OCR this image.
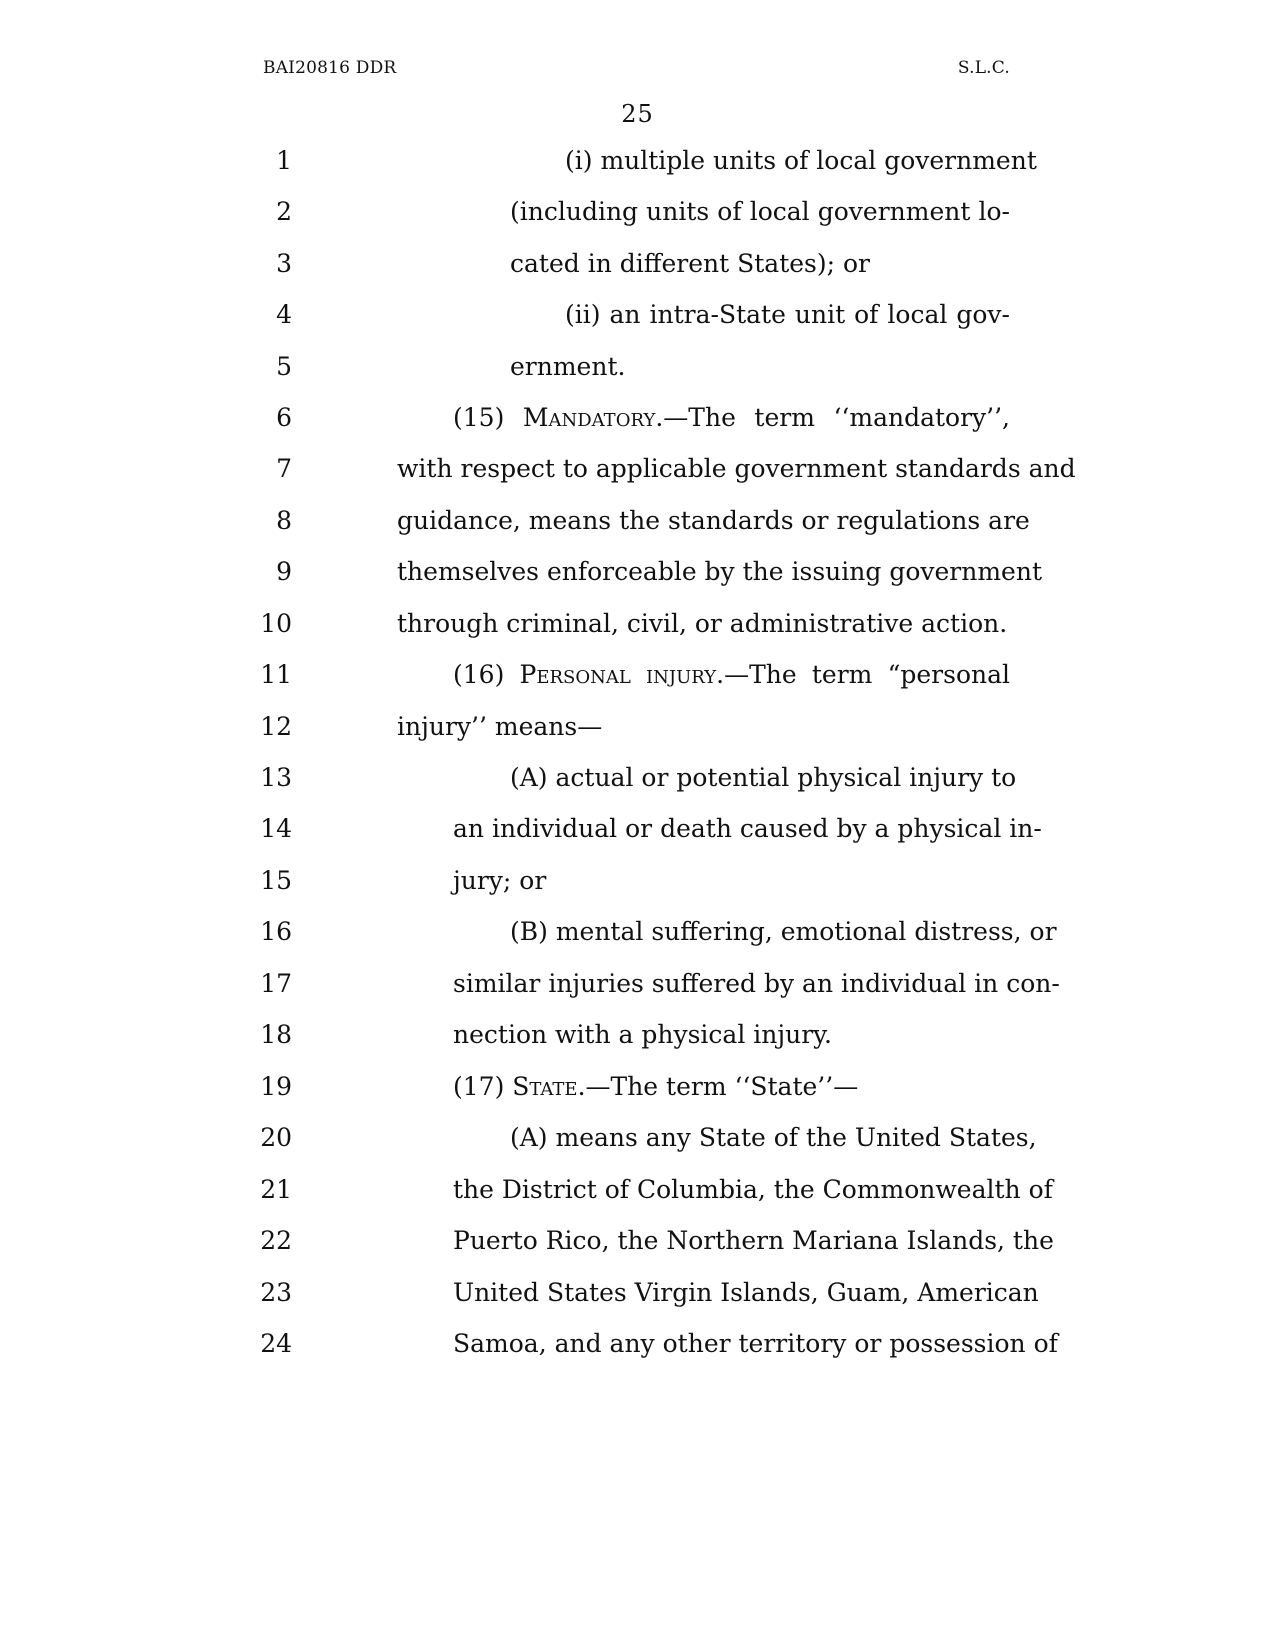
BAI20816 DDR	S.L.C.
25
1	(i) multiple units of local government
2	(including units of local government lo-
3	cated in different States); or
4	(ii) an intra-State unit of local gov-
5	ernment.
6	(15) Mandatory.—The term ‘‘mandatory’’,
7	with respect to applicable government standards and
8	guidance, means the standards or regulations are
9	themselves enforceable by the issuing government
10	through criminal, civil, or administrative action.
11	(16) Personal injury.—The term “personal
12	injury’’ means—
13	(A) actual or potential physical injury to
14	an individual or death caused by a physical in-
15	jury; or
16	(B) mental suffering, emotional distress, or
17	similar injuries suffered by an individual in con-
18	nection with a physical injury.
19	(17) State.—The term ‘‘State’’—
20	(A) means any State of the United States,
21	the District of Columbia, the Commonwealth of
22	Puerto Rico, the Northern Mariana Islands, the
23	United States Virgin Islands, Guam, American
24	Samoa, and any other territory or possession of
